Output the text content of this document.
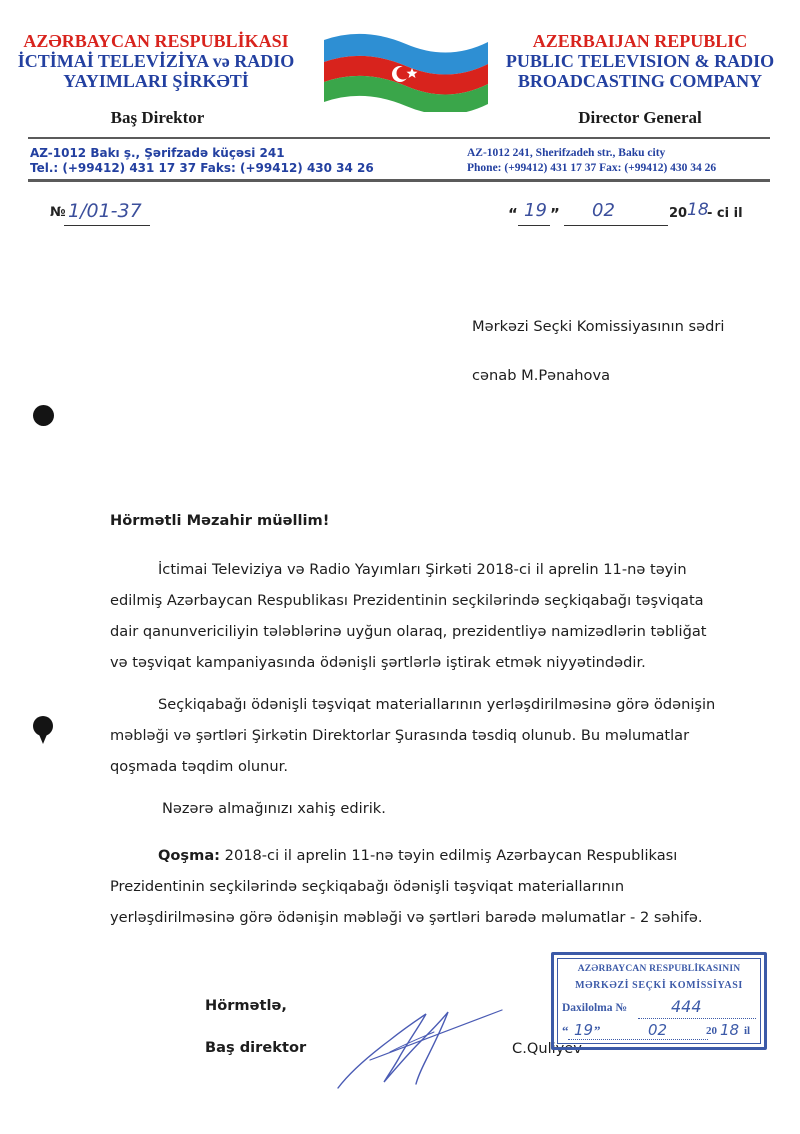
AZƏRBAYCAN RESPUBLİKASI
İCTİMAİ TELEVİZİYA və RADIO
YAYIMLARI ŞİRKƏTİ
Baş Direktor
AZERBAIJAN REPUBLIC
PUBLIC TELEVISION & RADIO
BROADCASTING COMPANY
Director General
AZ-1012 Bakı ş., Şərifzadə küçəsi 241
Tel.: (+99412) 431 17 37 Faks: (+99412) 430 34 26
AZ-1012 241, Sherifzadeh str., Baku city
Phone: (+99412) 431 17 37 Fax: (+99412) 430 34 26
№ 1/01-37	“ 19 ” 02	20 18
- ci il
Mərkəzi Seçki Komissiyasının sədri
cənab M.Pənahova
Hörmətli Məzahir müəllim!
İctimai Televiziya və Radio Yayımları Şirkəti 2018-ci il aprelin 11-nə təyin
edilmiş Azərbaycan Respublikası Prezidentinin seçkilərində seçkiqabağı təşviqata
dair qanunvericiliyin tələblərinə uyğun olaraq, prezidentliyə namizədlərin təbliğat
və təşviqat kampaniyasında ödənişli şərtlərlə iştirak etmək niyyətindədir.
Seçkiqabağı ödənişli təşviqat materiallarının yerləşdirilməsinə görə ödənişin
məbləği və şərtləri Şirkətin Direktorlar Şurasında təsdiq olunub. Bu məlumatlar
qoşmada təqdim olunur.
Nəzərə almağınızı xahiş edirik.
Qoşma: 2018-ci il aprelin 11-nə təyin edilmiş Azərbaycan Respublikası
Prezidentinin seçkilərində seçkiqabağı ödənişli təşviqat materiallarının
yerləşdirilməsinə görə ödənişin məbləği və şərtləri barədə məlumatlar - 2 səhifə.
Hörmətlə,
Baş direktor	C.Quliyev
AZƏRBAYCAN RESPUBLİKASININ
MƏRKƏZİ SEÇKİ KOMİSSİYASI
Daxilolma №	444
“ 19 ”	02	20 18 il
